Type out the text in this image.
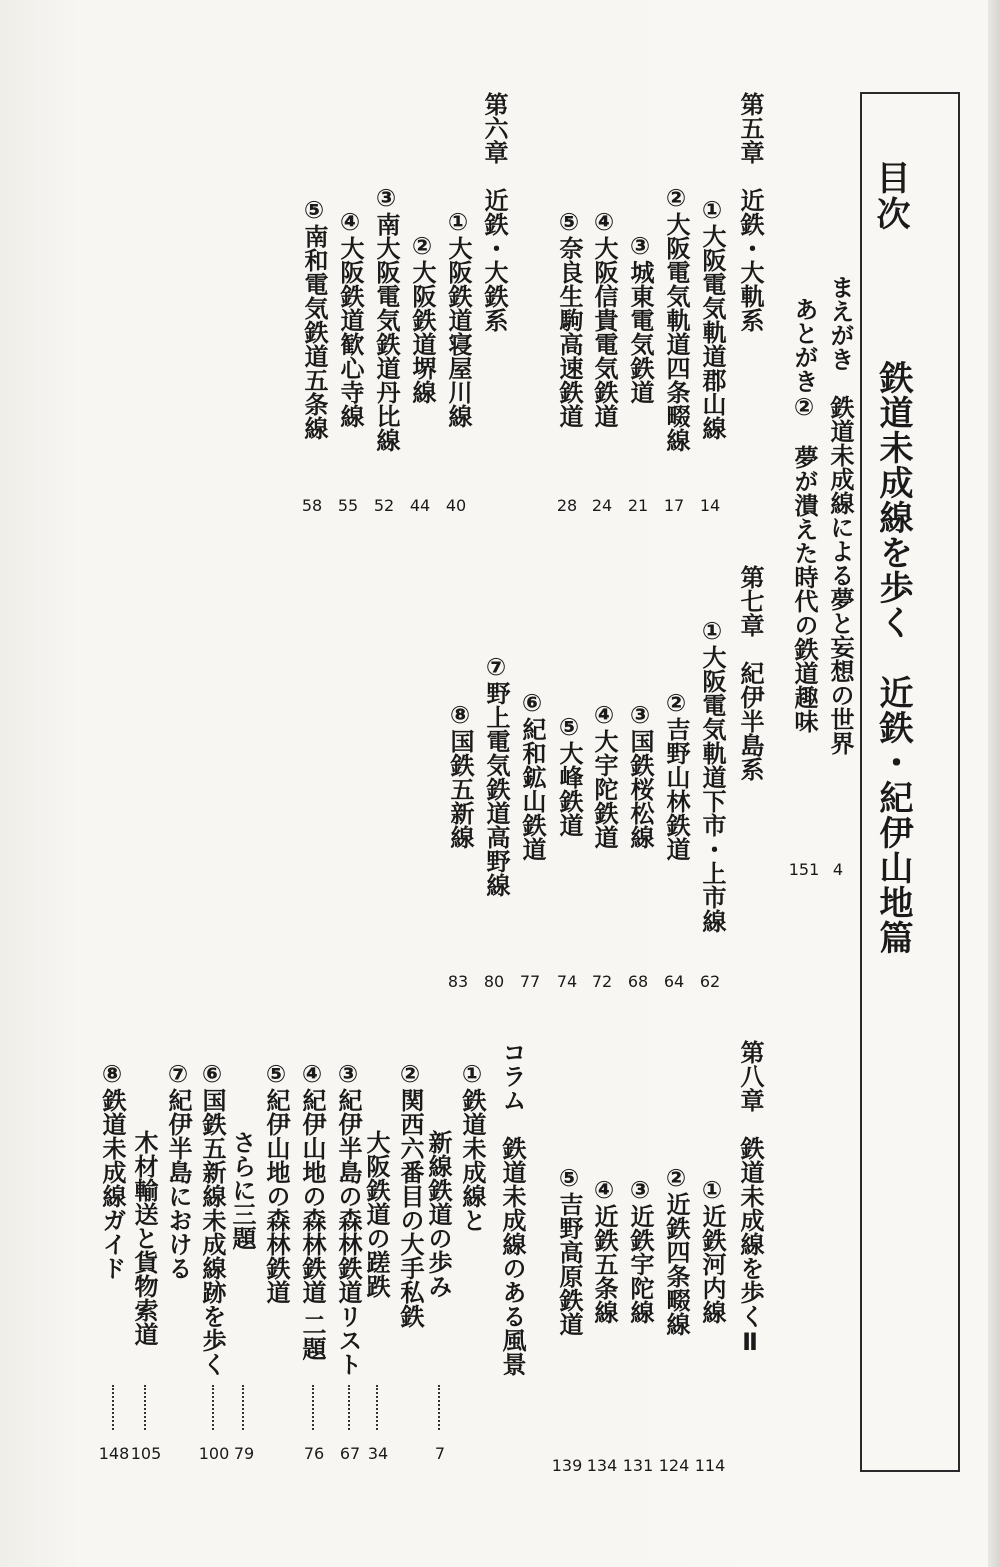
目次
鉄道未成線を歩く　近鉄・紀伊山地篇
まえがき　鉄道未成線による夢と妄想の世界
4
あとがき②　夢が潰えた時代の鉄道趣味
151
第五章　近鉄・大軌系
①大阪電気軌道郡山線
14
②大阪電気軌道四条畷線
17
③城東電気鉄道
21
④大阪信貴電気鉄道
24
⑤奈良生駒高速鉄道
28
第六章　近鉄・大鉄系
①大阪鉄道寝屋川線
40
②大阪鉄道堺線
44
③南大阪電気鉄道丹比線
52
④大阪鉄道歓心寺線
55
⑤南和電気鉄道五条線
58
第七章　紀伊半島系
①大阪電気軌道下市・上市線
62
②吉野山林鉄道
64
③国鉄桜松線
68
④大宇陀鉄道
72
⑤大峰鉄道
74
⑥紀和鉱山鉄道
77
⑦野上電気鉄道高野線
80
⑧国鉄五新線
83
第八章　鉄道未成線を歩くⅡ
①近鉄河内線
114
②近鉄四条畷線
124
③近鉄宇陀線
131
④近鉄五条線
134
⑤吉野高原鉄道
139
コラム　鉄道未成線のある風景
①鉄道未成線と
新線鉄道の歩み
7
②関西六番目の大手私鉄
大阪鉄道の蹉跌
34
③紀伊半島の森林鉄道リスト
67
④紀伊山地の森林鉄道 二題
76
⑤紀伊山地の森林鉄道
さらに三題
79
⑥国鉄五新線未成線跡を歩く
100
⑦紀伊半島における
木材輸送と貨物索道
105
⑧鉄道未成線ガイド
148
